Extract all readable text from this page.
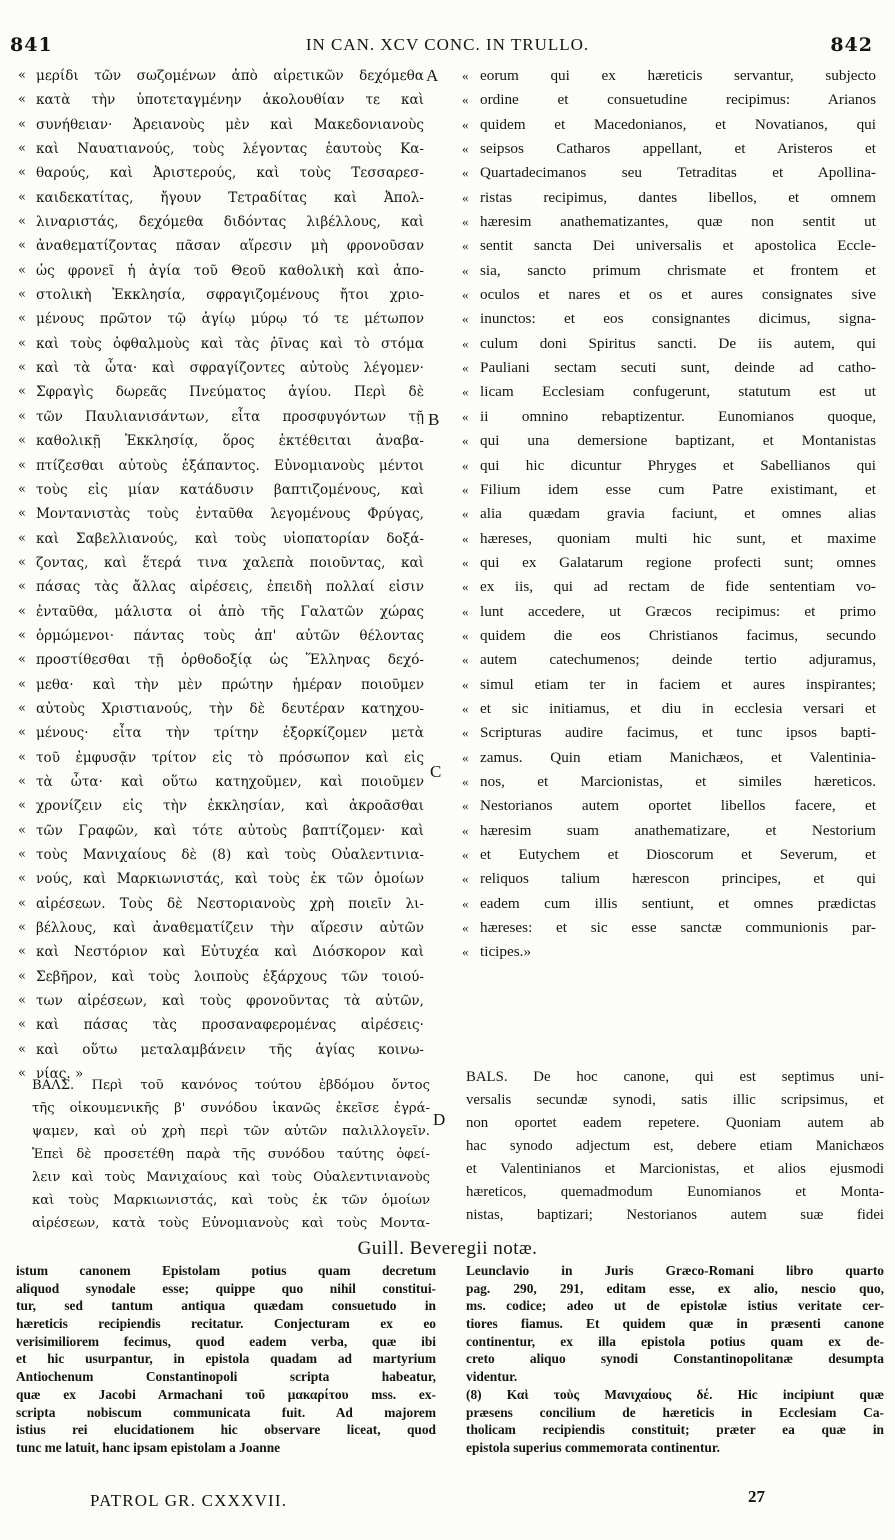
841	IN CAN. XCV CONC. IN TRULLO.	842
« μερίδι τῶν σωζομένων ἀπὸ αἱρετικῶν δεχόμεθα
« κατὰ τὴν ὑποτεταγμένην ἀκολουθίαν τε καὶ
« συνήθειαν· Ἀρειανοὺς μὲν καὶ Μακεδονιανοὺς
« καὶ Ναυατιανούς, τοὺς λέγοντας ἑαυτοὺς Κα-
« θαρούς, καὶ Ἀριστερούς, καὶ τοὺς Τεσσαρεσ-
« καιδεκατίτας, ἤγουν Τετραδίτας καὶ Ἀπολ-
« λιναριστάς, δεχόμεθα διδόντας λιβέλλους, καὶ
« ἀναθεματίζοντας πᾶσαν αἵρεσιν μὴ φρονοῦσαν
« ὡς φρονεῖ ἡ ἁγία τοῦ Θεοῦ καθολικὴ καὶ ἀπο-
« στολικὴ Ἐκκλησία, σφραγιζομένους ἤτοι χριο-
« μένους πρῶτον τῷ ἁγίῳ μύρῳ τό τε μέτωπον
« καὶ τοὺς ὀφθαλμοὺς καὶ τὰς ῥῖνας καὶ τὸ στόμα
« καὶ τὰ ὦτα· καὶ σφραγίζοντες αὐτοὺς λέγομεν·
« Σφραγὶς δωρεᾶς Πνεύματος ἁγίου. Περὶ δὲ
« τῶν Παυλιανισάντων, εἶτα προσφυγόντων τῇ
« καθολικῇ Ἐκκλησίᾳ, ὅρος ἐκτέθειται ἀναβα-
« πτίζεσθαι αὐτοὺς ἐξάπαντος. Εὐνομιανοὺς μέντοι
« τοὺς εἰς μίαν κατάδυσιν βαπτιζομένους, καὶ
« Μοντανιστὰς τοὺς ἐνταῦθα λεγομένους Φρύγας,
« καὶ Σαβελλιανούς, καὶ τοὺς υἱοπατορίαν δοξά-
« ζοντας, καὶ ἕτερά τινα χαλεπὰ ποιοῦντας, καὶ
« πάσας τὰς ἄλλας αἱρέσεις, ἐπειδὴ πολλαί εἰσιν
« ἐνταῦθα, μάλιστα οἱ ἀπὸ τῆς Γαλατῶν χώρας
« ὁρμώμενοι· πάντας τοὺς ἀπ' αὐτῶν θέλοντας
« προστίθεσθαι τῇ ὀρθοδοξίᾳ ὡς Ἕλληνας δεχό-
« μεθα· καὶ τὴν μὲν πρώτην ἡμέραν ποιοῦμεν
« αὐτοὺς Χριστιανούς, τὴν δὲ δευτέραν κατηχου-
« μένους· εἶτα τὴν τρίτην ἐξορκίζομεν μετὰ
« τοῦ ἐμφυσᾷν τρίτον εἰς τὸ πρόσωπον καὶ εἰς
« τὰ ὦτα· καὶ οὕτω κατηχοῦμεν, καὶ ποιοῦμεν
« χρονίζειν εἰς τὴν ἐκκλησίαν, καὶ ἀκροᾶσθαι
« τῶν Γραφῶν, καὶ τότε αὐτοὺς βαπτίζομεν· καὶ
« τοὺς Μανιχαίους δὲ (8) καὶ τοὺς Οὐαλεντινια-
« νούς, καὶ Μαρκιωνιστάς, καὶ τοὺς ἐκ τῶν ὁμοίων
« αἱρέσεων. Τοὺς δὲ Νεστοριανοὺς χρὴ ποιεῖν λι-
« βέλλους, καὶ ἀναθεματίζειν τὴν αἵρεσιν αὐτῶν
« καὶ Νεστόριον καὶ Εὐτυχέα καὶ Διόσκορον καὶ
« Σεβῆρον, καὶ τοὺς λοιποὺς ἐξάρχους τῶν τοιού-
« των αἱρέσεων, καὶ τοὺς φρονοῦντας τὰ αὐτῶν,
« καὶ πάσας τὰς προσαναφερομένας αἱρέσεις·
« καὶ οὕτω μεταλαμβάνειν τῆς ἁγίας κοινω-
« νίας. »
« eorum qui ex hæreticis servantur, subjecto
« ordine et consuetudine recipimus: Arianos
« quidem et Macedonianos, et Novatianos, qui
« seipsos Catharos appellant, et Aristeros et
« Quartadecimanos seu Tetraditas et Apollina-
« ristas recipimus, dantes libellos, et omnem
« hæresim anathematizantes, quæ non sentit ut
« sentit sancta Dei universalis et apostolica Eccle-
« sia, sancto primum chrismate et frontem et
« oculos et nares et os et aures consignates sive
« inunctos: et eos consignantes dicimus, signa-
« culum doni Spiritus sancti. De iis autem, qui
« Pauliani sectam secuti sunt, deinde ad catho-
« licam Ecclesiam confugerunt, statutum est ut
« ii omnino rebaptizentur. Eunomianos quoque,
« qui una demersione baptizant, et Montanistas
« qui hic dicuntur Phryges et Sabellianos qui
« Filium idem esse cum Patre existimant, et
« alia quædam gravia faciunt, et omnes alias
« hæreses, quoniam multi hic sunt, et maxime
« qui ex Galatarum regione profecti sunt; omnes
« ex iis, qui ad rectam de fide sententiam vo-
« lunt accedere, ut Græcos recipimus: et primo
« quidem die eos Christianos facimus, secundo
« autem catechumenos; deinde tertio adjuramus,
« simul etiam ter in faciem et aures inspirantes;
« et sic initiamus, et diu in ecclesia versari et
« Scripturas audire facimus, et tunc ipsos bapti-
« zamus. Quin etiam Manichæos, et Valentinia-
« nos, et Marcionistas, et similes hæreticos.
« Nestorianos autem oportet libellos facere, et
« hæresim suam anathematizare, et Nestorium
« et Eutychem et Dioscorum et Severum, et
« reliquos talium hærescon principes, et qui
« eadem cum illis sentiunt, et omnes prædictas
« hæreses: et sic esse sanctæ communionis par-
« ticipes.»
A
B
C
D
ΒΑΛΣ. Περὶ τοῦ κανόνος τούτου ἑβδόμου ὄντος
τῆς οἰκουμενικῆς β' συνόδου ἱκανῶς ἐκεῖσε ἐγρά-
ψαμεν, καὶ οὐ χρὴ περὶ τῶν αὐτῶν παλιλλογεῖν.
Ἐπεὶ δὲ προσετέθη παρὰ τῆς συνόδου ταύτης ὀφεί-
λειν καὶ τοὺς Μανιχαίους καὶ τοὺς Οὐαλεντινιανοὺς
καὶ τοὺς Μαρκιωνιστάς, καὶ τοὺς ἐκ τῶν ὁμοίων
αἱρέσεων, κατὰ τοὺς Εὐνομιανοὺς καὶ τοὺς Μοντα-
BALS. De hoc canone, qui est septimus uni-
versalis secundæ synodi, satis illic scripsimus, et
non oportet eadem repetere. Quoniam autem ab
hac synodo adjectum est, debere etiam Manichæos
et Valentinianos et Marcionistas, et alios ejusmodi
hæreticos, quemadmodum Eunomianos et Monta-
nistas, baptizari; Nestorianos autem suæ fidei
Guill. Beveregii notæ.
istum canonem Epistolam potius quam decretum
aliquod synodale esse; quippe quo nihil constitui-
tur, sed tantum antiqua quædam consuetudo in
hæreticis recipiendis recitatur. Conjecturam ex eo
verisimiliorem fecimus, quod eadem verba, quæ ibi
et hic usurpantur, in epistola quadam ad martyrium
Antiochenum Constantinopoli scripta habeatur,
quæ ex Jacobi Armachani τοῦ μακαρίτου mss. ex-
scripta nobiscum communicata fuit. Ad majorem
istius rei elucidationem hic observare liceat, quod
tunc me latuit, hanc ipsam epistolam a Joanne
Leunclavio in Juris Græco-Romani libro quarto
pag. 290, 291, editam esse, ex alio, nescio quo,
ms. codice; adeo ut de epistolæ istius veritate cer-
tiores fiamus. Et quidem quæ in præsenti canone
continentur, ex illa epistola potius quam ex de-
creto aliquo synodi Constantinopolitanæ desumpta
videntur.
(8) Καὶ τοὺς Μανιχαίους δέ. Hic incipiunt quæ
præsens concilium de hæreticis in Ecclesiam Ca-
tholicam recipiendis constituit; præter ea quæ in
epistola superius commemorata continentur.
PATROL GR. CXXXVII.	27
